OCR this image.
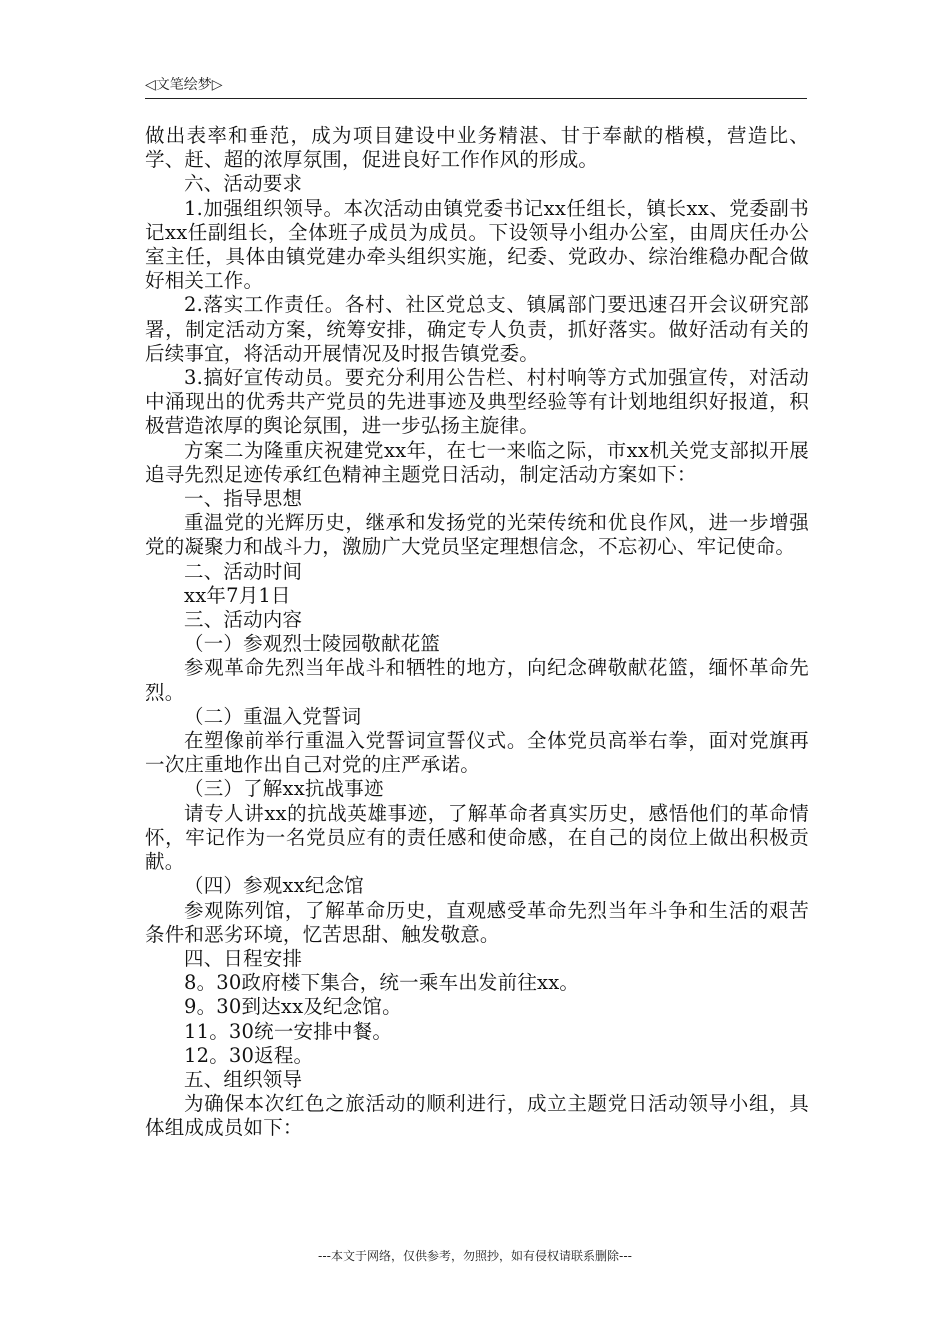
◁文笔绘梦▷

做出表率和垂范，成为项目建设中业务精湛、甘于奉献的楷模，营造比、学、赶、超的浓厚氛围，促进良好工作作风的形成。

六、活动要求

1.加强组织领导。本次活动由镇党委书记xx任组长，镇长xx、党委副书记xx任副组长，全体班子成员为成员。下设领导小组办公室，由周庆任办公室主任，具体由镇党建办牵头组织实施，纪委、党政办、综治维稳办配合做好相关工作。

2.落实工作责任。各村、社区党总支、镇属部门要迅速召开会议研究部署，制定活动方案，统筹安排，确定专人负责，抓好落实。做好活动有关的后续事宜，将活动开展情况及时报告镇党委。

3.搞好宣传动员。要充分利用公告栏、村村响等方式加强宣传，对活动中涌现出的优秀共产党员的先进事迹及典型经验等有计划地组织好报道，积极营造浓厚的舆论氛围，进一步弘扬主旋律。

方案二为隆重庆祝建党xx年，在七一来临之际，市xx机关党支部拟开展追寻先烈足迹传承红色精神主题党日活动，制定活动方案如下：

一、指导思想

重温党的光辉历史，继承和发扬党的光荣传统和优良作风，进一步增强党的凝聚力和战斗力，激励广大党员坚定理想信念，不忘初心、牢记使命。

二、活动时间

xx年7月1日

三、活动内容

（一）参观烈士陵园敬献花篮

参观革命先烈当年战斗和牺牲的地方，向纪念碑敬献花篮，缅怀革命先烈。

（二）重温入党誓词

在塑像前举行重温入党誓词宣誓仪式。全体党员高举右拳，面对党旗再一次庄重地作出自己对党的庄严承诺。

（三）了解xx抗战事迹

请专人讲xx的抗战英雄事迹，了解革命者真实历史，感悟他们的革命情怀，牢记作为一名党员应有的责任感和使命感，在自己的岗位上做出积极贡献。

（四）参观xx纪念馆

参观陈列馆，了解革命历史，直观感受革命先烈当年斗争和生活的艰苦条件和恶劣环境，忆苦思甜、触发敬意。

四、日程安排

8。30政府楼下集合，统一乘车出发前往xx。

9。30到达xx及纪念馆。

11。30统一安排中餐。

12。30返程。

五、组织领导

为确保本次红色之旅活动的顺利进行，成立主题党日活动领导小组，具体组成成员如下：

---本文于网络，仅供参考，勿照抄，如有侵权请联系删除---
